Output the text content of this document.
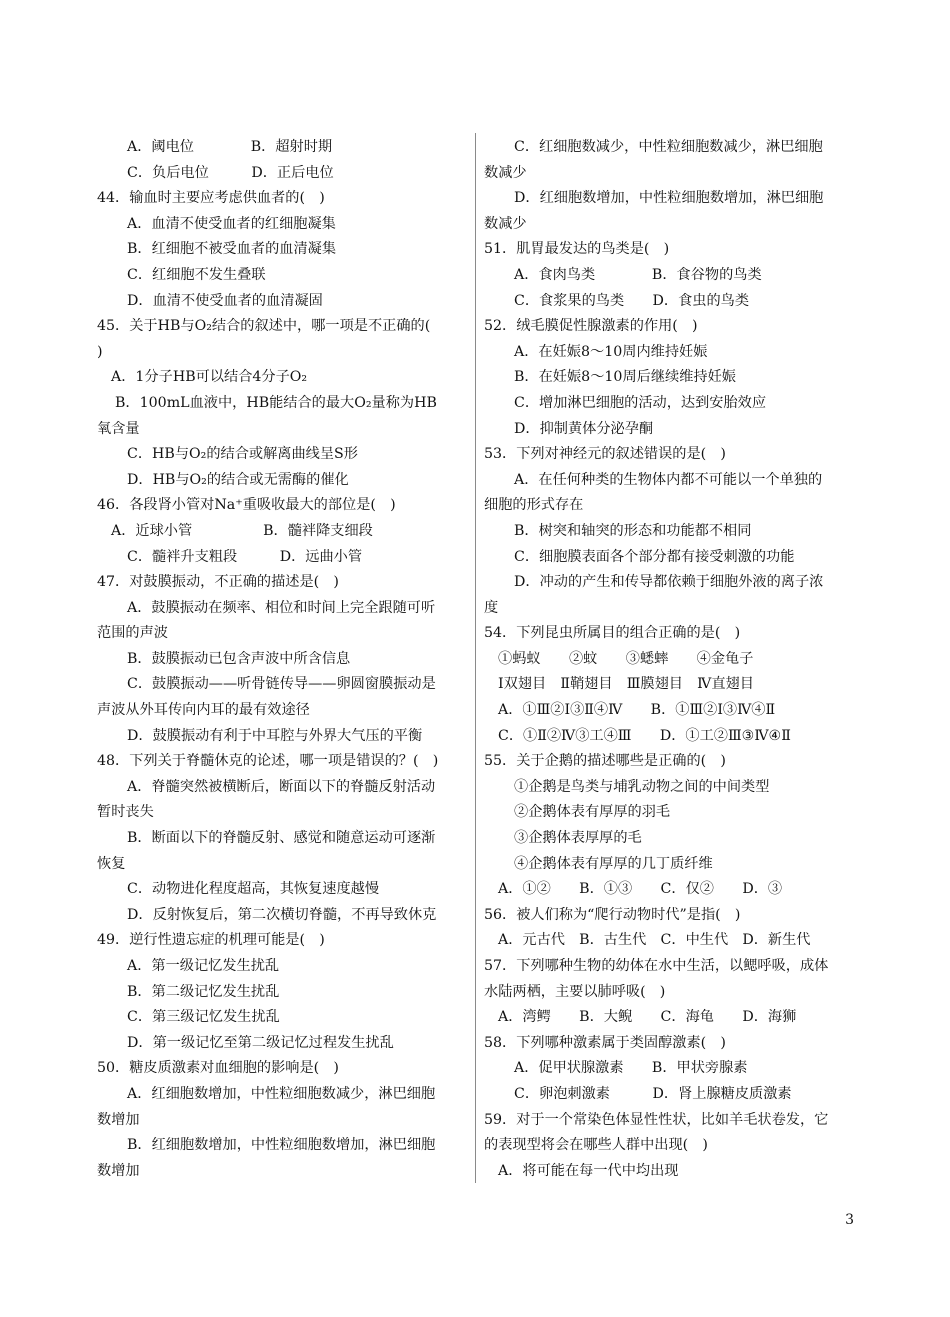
A．阈电位　　　　B．超射时期
C．负后电位　　　D．正后电位
44．输血时主要应考虑供血者的(　)
A．血清不使受血者的红细胞凝集
B．红细胞不被受血者的血清凝集
C．红细胞不发生叠联
D．血清不使受血者的血清凝固
45．关于HB与O₂结合的叙述中，哪一项是不正确的(
)
A．1分子HB可以结合4分子O₂
B．100mL血液中，HB能结合的最大O₂量称为HB
氧含量
C．HB与O₂的结合或解离曲线呈S形
D．HB与O₂的结合或无需酶的催化
46．各段肾小管对Na⁺重吸收最大的部位是(　)
A．近球小管　　　　　B．髓袢降支细段
C．髓袢升支粗段　　　D．远曲小管
47．对鼓膜振动，不正确的描述是(　)
A．鼓膜振动在频率、相位和时间上完全跟随可听
范围的声波
B．鼓膜振动已包含声波中所含信息
C．鼓膜振动——听骨链传导——卵圆窗膜振动是
声波从外耳传向内耳的最有效途径
D．鼓膜振动有利于中耳腔与外界大气压的平衡
48．下列关于脊髓休克的论述，哪一项是错误的？(　)
A．脊髓突然被横断后，断面以下的脊髓反射活动
暂时丧失
B．断面以下的脊髓反射、感觉和随意运动可逐渐
恢复
C．动物进化程度超高，其恢复速度越慢
D．反射恢复后，第二次横切脊髓，不再导致休克
49．逆行性遗忘症的机理可能是(　)
A．第一级记忆发生扰乱
B．第二级记忆发生扰乱
C．第三级记忆发生扰乱
D．第一级记忆至第二级记忆过程发生扰乱
50．糖皮质激素对血细胞的影响是(　)
A．红细胞数增加，中性粒细胞数减少，淋巴细胞
数增加
B．红细胞数增加，中性粒细胞数增加，淋巴细胞
数增加
C．红细胞数减少，中性粒细胞数减少，淋巴细胞
数减少
D．红细胞数增加，中性粒细胞数增加，淋巴细胞
数减少
51．肌胃最发达的鸟类是(　)
A．食肉鸟类　　　　B．食谷物的鸟类
C．食浆果的鸟类　　D．食虫的鸟类
52．绒毛膜促性腺激素的作用(　)
A．在妊娠8～10周内维持妊娠
B．在妊娠8～10周后继续维持妊娠
C．增加淋巴细胞的活动，达到安胎效应
D．抑制黄体分泌孕酮
53．下列对神经元的叙述错误的是(　)
A．在任何种类的生物体内都不可能以一个单独的
细胞的形式存在
B．树突和轴突的形态和功能都不相同
C．细胞膜表面各个部分都有接受刺激的功能
D．冲动的产生和传导都依赖于细胞外液的离子浓
度
54．下列昆虫所属目的组合正确的是(　)
①蚂蚁　　②蚊　　③蟋蟀　　④金龟子
Ⅰ双翅目　Ⅱ鞘翅目　Ⅲ膜翅目　Ⅳ直翅目
A．①Ⅲ②Ⅰ③Ⅱ④Ⅳ　　B．①Ⅲ②Ⅰ③Ⅳ④Ⅱ
C．①Ⅱ②Ⅳ③工④Ⅲ　　D．①工②Ⅲ③Ⅳ④Ⅱ
55．关于企鹅的描述哪些是正确的(　)
①企鹅是鸟类与埔乳动物之间的中间类型
②企鹅体表有厚厚的羽毛
③企鹅体表厚厚的毛
④企鹅体表有厚厚的几丁质纤维
A．①②　　B．①③　　C．仅②　　D．③
56．被人们称为“爬行动物时代”是指(　)
A．元古代　B．古生代　C．中生代　D．新生代
57．下列哪种生物的幼体在水中生活，以鳃呼吸，成体
水陆两栖，主要以肺呼吸(　)
A．湾鳄　　B．大鲵　　C．海龟　　D．海狮
58．下列哪种激素属于类固醇激素(　)
A．促甲状腺激素　　B．甲状旁腺素
C．卵泡刺激素　　　D．肾上腺糖皮质激素
59．对于一个常染色体显性性状，比如羊毛状卷发，它
的表现型将会在哪些人群中出现(　)
A．将可能在每一代中均出现
3
